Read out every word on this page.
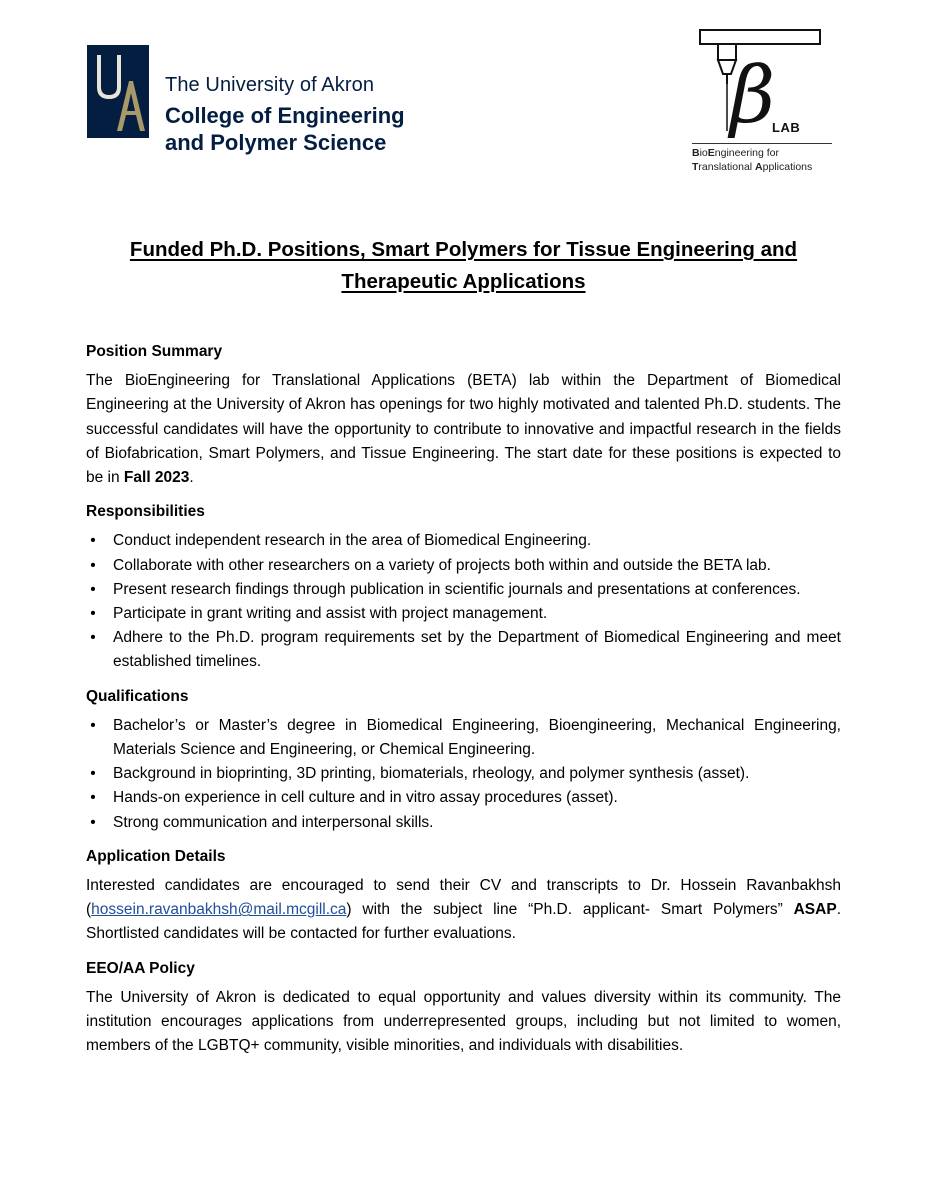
The University of Akron
College of Engineering
and Polymer Science
β
LAB
BioEngineering for
Translational Applications
Funded Ph.D. Positions, Smart Polymers for Tissue Engineering and
Therapeutic Applications
Position Summary

The BioEngineering for Translational Applications (BETA) lab within the Department of Biomedical Engineering at the University of Akron has openings for two highly motivated and talented Ph.D. students. The successful candidates will have the opportunity to contribute to innovative and impactful research in the fields of Biofabrication, Smart Polymers, and Tissue Engineering. The start date for these positions is expected to be in Fall 2023.

Responsibilities
• Conduct independent research in the area of Biomedical Engineering.
• Collaborate with other researchers on a variety of projects both within and outside the BETA lab.
• Present research findings through publication in scientific journals and presentations at conferences.
• Participate in grant writing and assist with project management.
• Adhere to the Ph.D. program requirements set by the Department of Biomedical Engineering and meet established timelines.
Qualifications
• Bachelor’s or Master’s degree in Biomedical Engineering, Bioengineering, Mechanical Engineering, Materials Science and Engineering, or Chemical Engineering.
• Background in bioprinting, 3D printing, biomaterials, rheology, and polymer synthesis (asset).
• Hands-on experience in cell culture and in vitro assay procedures (asset).
• Strong communication and interpersonal skills.
Application Details

Interested candidates are encouraged to send their CV and transcripts to Dr. Hossein Ravanbakhsh (hossein.ravanbakhsh@mail.mcgill.ca) with the subject line “Ph.D. applicant- Smart Polymers” ASAP. Shortlisted candidates will be contacted for further evaluations.

EEO/AA Policy

The University of Akron is dedicated to equal opportunity and values diversity within its community. The institution encourages applications from underrepresented groups, including but not limited to women, members of the LGBTQ+ community, visible minorities, and individuals with disabilities.
